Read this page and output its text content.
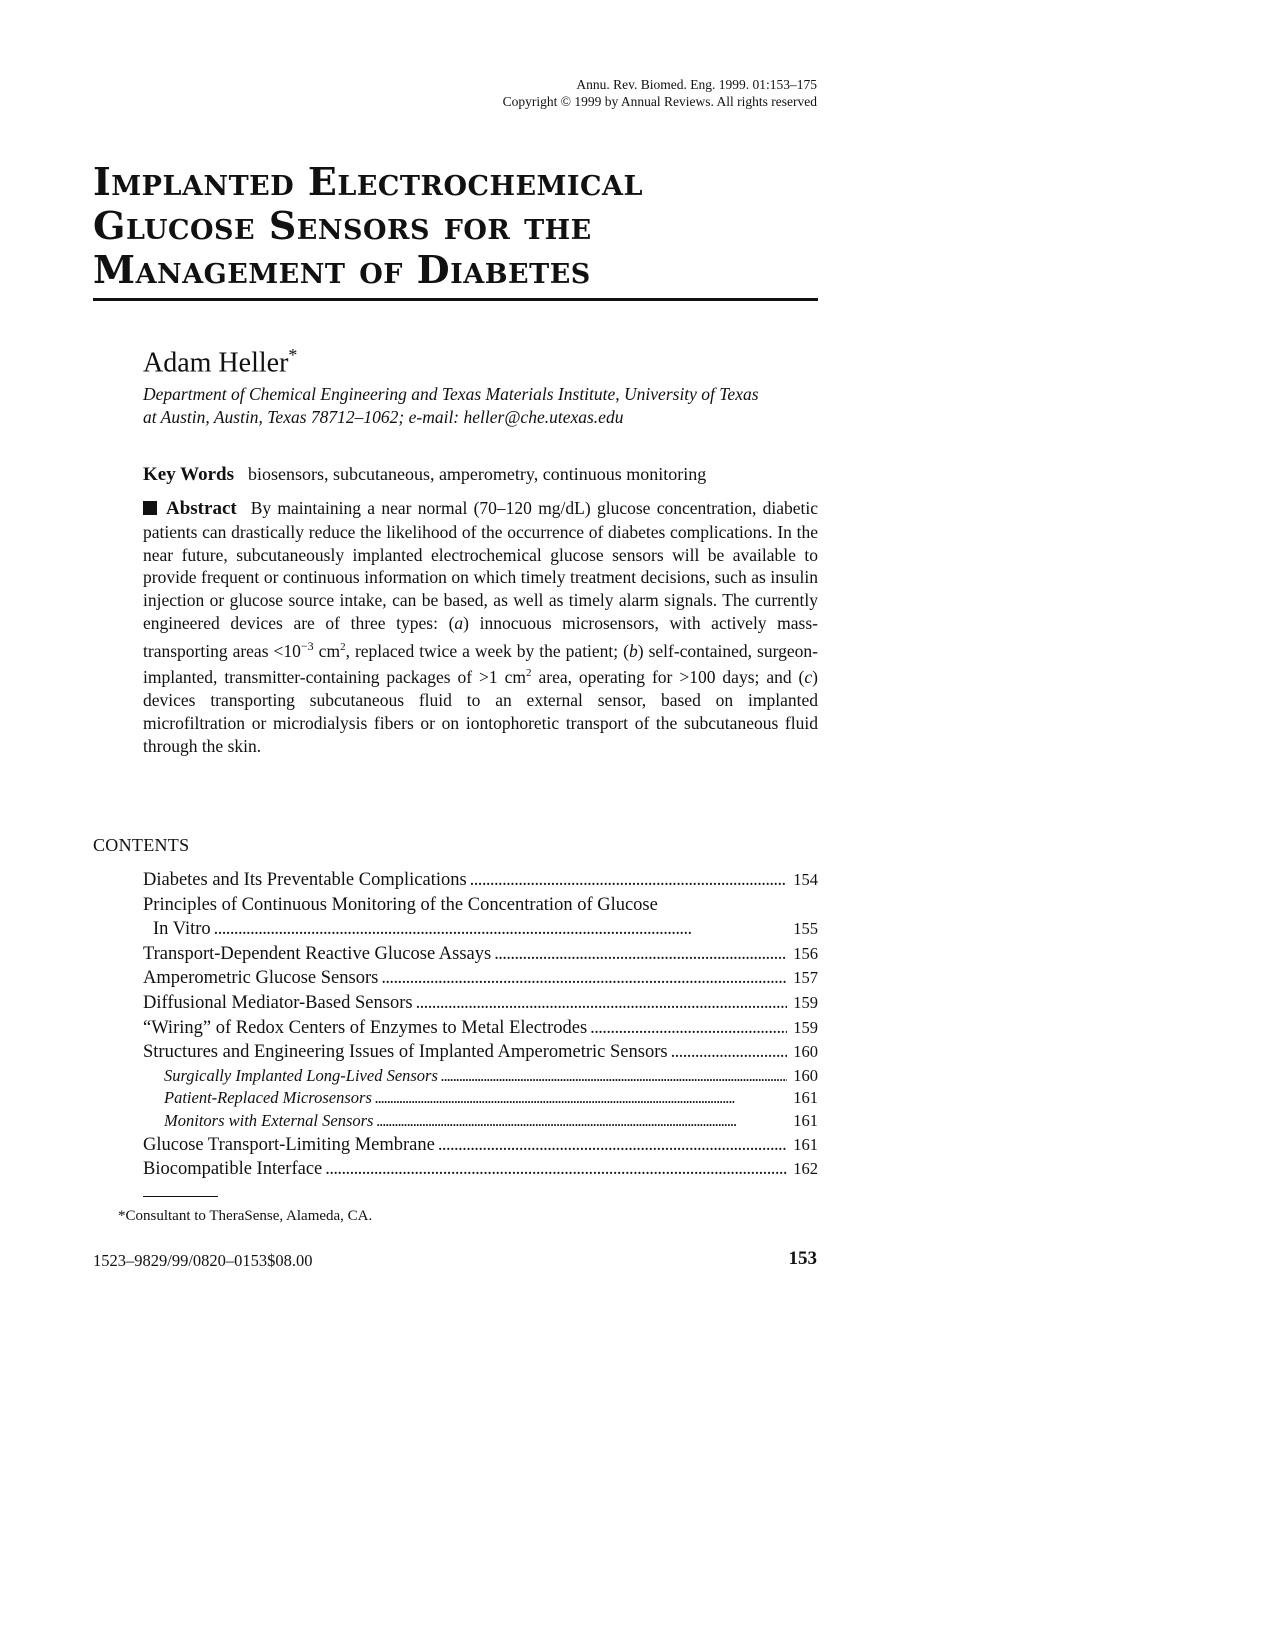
Annu. Rev. Biomed. Eng. 1999. 01:153–175
Copyright © 1999 by Annual Reviews. All rights reserved
Implanted Electrochemical
Glucose Sensors for the
Management of Diabetes
Adam Heller*
Department of Chemical Engineering and Texas Materials Institute, University of Texas
at Austin, Austin, Texas 78712–1062; e-mail: heller@che.utexas.edu
Key Words biosensors, subcutaneous, amperometry, continuous monitoring
Abstract By maintaining a near normal (70–120 mg/dL) glucose concentration, diabetic patients can drastically reduce the likelihood of the occurrence of diabetes complications. In the near future, subcutaneously implanted electrochemical glucose sensors will be available to provide frequent or continuous information on which timely treatment decisions, such as insulin injection or glucose source intake, can be based, as well as timely alarm signals. The currently engineered devices are of three types: (a) innocuous microsensors, with actively mass-transporting areas $<10^{-3}$ $cm^2$, replaced twice a week by the patient; (b) self-contained, surgeon-implanted, transmitter-containing packages of >1 $cm^2$ area, operating for >100 days; and (c) devices transporting subcutaneous fluid to an external sensor, based on implanted microfiltration or microdialysis fibers or on iontophoretic transport of the subcutaneous fluid through the skin.
CONTENTS
Diabetes and Its Preventable Complications . . .	154
Principles of Continuous Monitoring of the Concentration of Glucose
In Vitro . . .	155
Transport-Dependent Reactive Glucose Assays . . .	156
Amperometric Glucose Sensors . . .	157
Diffusional Mediator-Based Sensors . . .	159
“Wiring” of Redox Centers of Enzymes to Metal Electrodes . . .	159
Structures and Engineering Issues of Implanted Amperometric Sensors . . .	160
Surgically Implanted Long-Lived Sensors . . .	160
Patient-Replaced Microsensors . . .	161
Monitors with External Sensors . . .	161
Glucose Transport-Limiting Membrane . . .	161
Biocompatible Interface . . .	162
*Consultant to TheraSense, Alameda, CA.
1523–9829/99/0820–0153$08.00	153
